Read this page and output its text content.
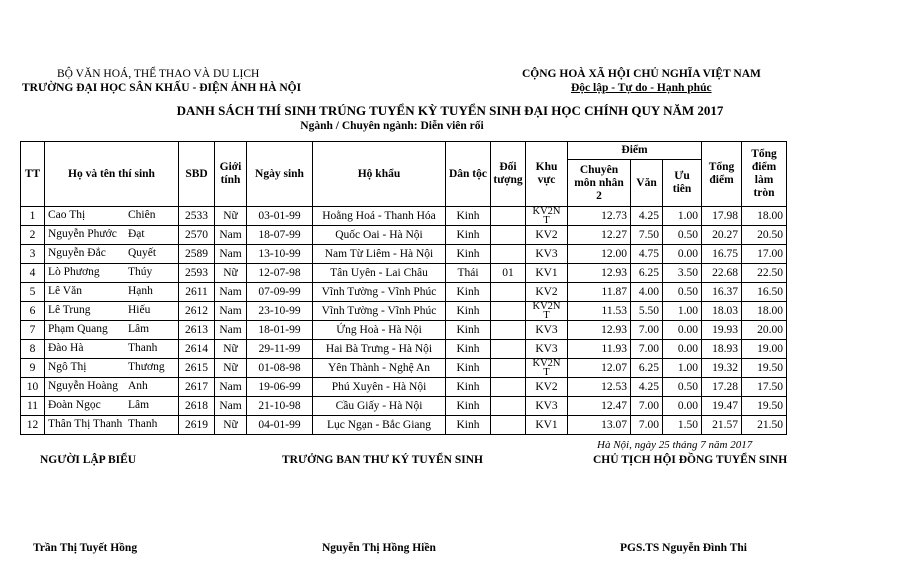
BỘ VĂN HOÁ, THỂ THAO VÀ DU LỊCH
TRƯỜNG ĐẠI HỌC SÂN KHẤU - ĐIỆN ẢNH HÀ NỘI
CỘNG HOÀ XÃ HỘI CHỦ NGHĨA VIỆT NAM
Độc lập - Tự do - Hạnh phúc
DANH SÁCH THÍ SINH TRÚNG TUYỂN KỲ TUYỂN SINH ĐẠI HỌC CHÍNH QUY NĂM 2017
Ngành / Chuyên ngành: Diễn viên rối
TT	Họ và tên thí sinh	SBD	Giới tính	Ngày sinh	Hộ khẩu	Dân tộc	Đối tượng	Khu vực	Điểm			Tổng điểm	Tổng điểm làm tròn
									Chuyên môn nhân 2	Văn	Ưu tiên		
1	Cao Thị Chiên	2533	Nữ	03-01-99	Hoằng Hoá - Thanh Hóa	Kinh		KV2N T	12.73	4.25	1.00	17.98	18.00
2	Nguyễn Phước Đạt	2570	Nam	18-07-99	Quốc Oai - Hà Nội	Kinh		KV2	12.27	7.50	0.50	20.27	20.50
3	Nguyễn Đắc Quyết	2589	Nam	13-10-99	Nam Từ Liêm - Hà Nội	Kinh		KV3	12.00	4.75	0.00	16.75	17.00
4	Lò Phương Thúy	2593	Nữ	12-07-98	Tân Uyên - Lai Châu	Thái	01	KV1	12.93	6.25	3.50	22.68	22.50
5	Lê Văn Hạnh	2611	Nam	07-09-99	Vĩnh Tường - Vĩnh Phúc	Kinh		KV2	11.87	4.00	0.50	16.37	16.50
6	Lê Trung Hiếu	2612	Nam	23-10-99	Vĩnh Tường - Vĩnh Phúc	Kinh		KV2N T	11.53	5.50	1.00	18.03	18.00
7	Phạm Quang Lâm	2613	Nam	18-01-99	Ứng Hoà - Hà Nội	Kinh		KV3	12.93	7.00	0.00	19.93	20.00
8	Đào Hà Thanh	2614	Nữ	29-11-99	Hai Bà Trưng - Hà Nội	Kinh		KV3	11.93	7.00	0.00	18.93	19.00
9	Ngô Thị Thương	2615	Nữ	01-08-98	Yên Thành - Nghệ An	Kinh		KV2N T	12.07	6.25	1.00	19.32	19.50
10	Nguyễn Hoàng Anh	2617	Nam	19-06-99	Phú Xuyên - Hà Nội	Kinh		KV2	12.53	4.25	0.50	17.28	17.50
11	Đoàn Ngọc Lâm	2618	Nam	21-10-98	Cầu Giấy - Hà Nội	Kinh		KV3	12.47	7.00	0.00	19.47	19.50
12	Thân Thị Thanh Thanh	2619	Nữ	04-01-99	Lục Ngạn - Bắc Giang	Kinh		KV1	13.07	7.00	1.50	21.57	21.50
Hà Nội, ngày 25 tháng 7 năm 2017
NGƯỜI LẬP BIỂU	TRƯỞNG BAN THƯ KÝ TUYỂN SINH	CHỦ TỊCH HỘI ĐỒNG TUYỂN SINH
Trần Thị Tuyết Hồng	Nguyễn Thị Hồng Hiền	PGS.TS Nguyễn Đình Thi
